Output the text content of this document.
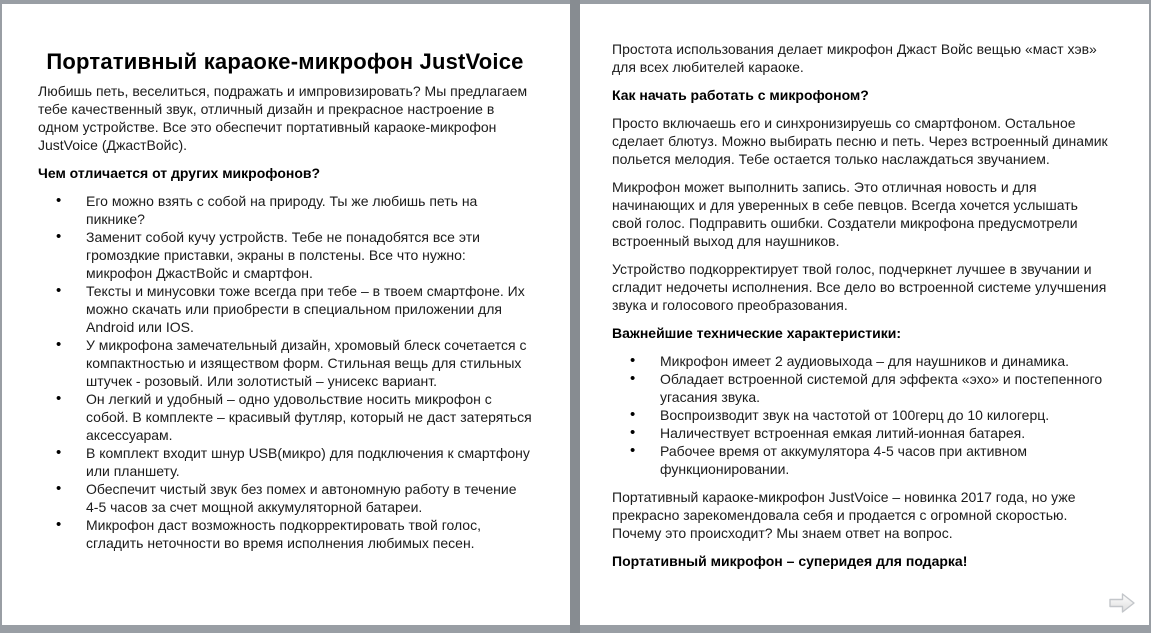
Портативный караоке-микрофон JustVoice

Любишь петь, веселиться, подражать и импровизировать? Мы предлагаем тебе качественный звук, отличный дизайн и прекрасное настроение в одном устройстве. Все это обеспечит портативный караоке-микрофон JustVoice (ДжастВойс).

Чем отличается от других микрофонов?

• Его можно взять с собой на природу. Ты же любишь петь на пикнике?
• Заменит собой кучу устройств. Тебе не понадобятся все эти громоздкие приставки, экраны в полстены. Все что нужно: микрофон ДжастВойс и смартфон.
• Тексты и минусовки тоже всегда при тебе – в твоем смартфоне. Их можно скачать или приобрести в специальном приложении для Android или IOS.
• У микрофона замечательный дизайн, хромовый блеск сочетается с компактностью и изяществом форм. Стильная вещь для стильных штучек - розовый. Или золотистый – унисекс вариант.
• Он легкий и удобный – одно удовольствие носить микрофон с собой. В комплекте – красивый футляр, который не даст затеряться аксессуарам.
• В комплект входит шнур USB(микро) для подключения к смартфону или планшету.
• Обеспечит чистый звук без помех и автономную работу в течение 4-5 часов за счет мощной аккумуляторной батареи.
• Микрофон даст возможность подкорректировать твой голос, сгладить неточности во время исполнения любимых песен.

Простота использования делает микрофон Джаст Войс вещью «маст хэв» для всех любителей караоке.

Как начать работать с микрофоном?

Просто включаешь его и синхронизируешь со смартфоном. Остальное сделает блютуз. Можно выбирать песню и петь. Через встроенный динамик польется мелодия. Тебе остается только наслаждаться звучанием.

Микрофон может выполнить запись. Это отличная новость и для начинающих и для уверенных в себе певцов. Всегда хочется услышать свой голос. Подправить ошибки. Создатели микрофона предусмотрели встроенный выход для наушников.

Устройство подкорректирует твой голос, подчеркнет лучшее в звучании и сгладит недочеты исполнения. Все дело во встроенной системе улучшения звука и голосового преобразования.

Важнейшие технические характеристики:

• Микрофон имеет 2 аудиовыхода – для наушников и динамика.
• Обладает встроенной системой для эффекта «эхо» и постепенного угасания звука.
• Воспроизводит звук на частотой от 100герц до 10 килогерц.
• Наличествует встроенная емкая литий-ионная батарея.
• Рабочее время от аккумулятора 4-5 часов при активном функционировании.

Портативный караоке-микрофон JustVoice – новинка 2017 года, но уже прекрасно зарекомендовала себя и продается с огромной скоростью. Почему это происходит? Мы знаем ответ на вопрос.

Портативный микрофон – суперидея для подарка!
